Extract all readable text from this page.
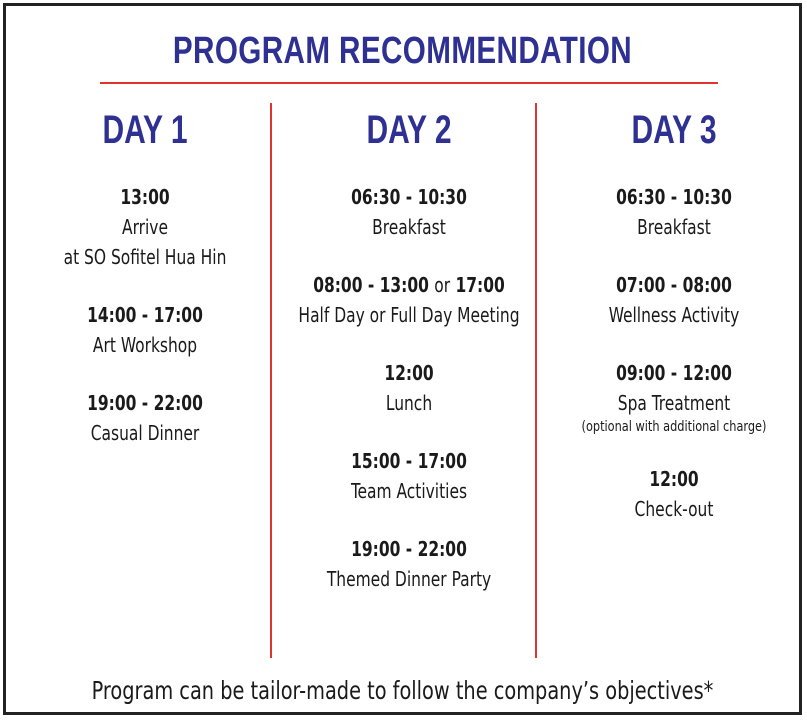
PROGRAM RECOMMENDATION
DAY 1
13:00
Arrive
at SO Sofitel Hua Hin
14:00 - 17:00
Art Workshop
19:00 - 22:00
Casual Dinner
DAY 2
06:30 - 10:30
Breakfast
08:00 - 13:00 or 17:00
Half Day or Full Day Meeting
12:00
Lunch
15:00 - 17:00
Team Activities
19:00 - 22:00
Themed Dinner Party
DAY 3
06:30 - 10:30
Breakfast
07:00 - 08:00
Wellness Activity
09:00 - 12:00
Spa Treatment
(optional with additional charge)
12:00
Check-out
Program can be tailor-made to follow the company’s objectives*
